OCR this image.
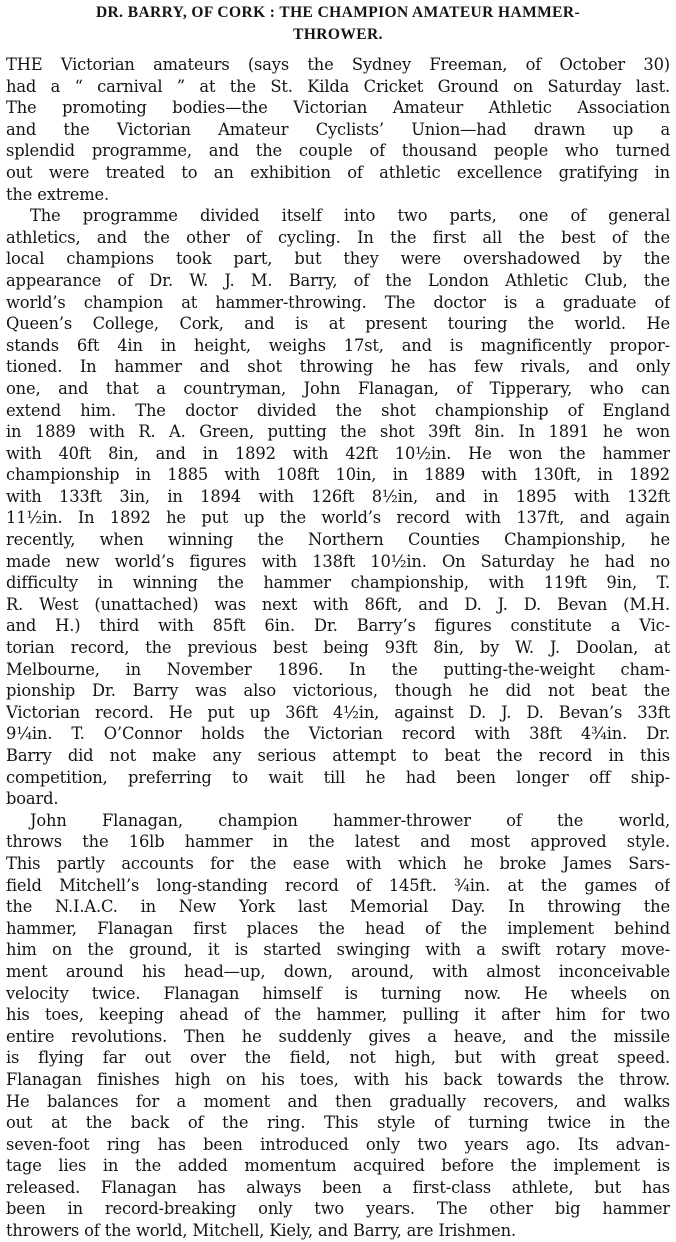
DR. BARRY, OF CORK : THE CHAMPION AMATEUR HAMMER-
THROWER.
THE Victorian amateurs (says the Sydney Freeman, of October 30)
had a “ carnival ” at the St. Kilda Cricket Ground on Saturday last.
The promoting bodies—the Victorian Amateur Athletic Association
and the Victorian Amateur Cyclists’ Union—had drawn up a
splendid programme, and the couple of thousand people who turned
out were treated to an exhibition of athletic excellence gratifying in
the extreme.
The programme divided itself into two parts, one of general
athletics, and the other of cycling. In the first all the best of the
local champions took part, but they were overshadowed by the
appearance of Dr. W. J. M. Barry, of the London Athletic Club, the
world’s champion at hammer-throwing. The doctor is a graduate of
Queen’s College, Cork, and is at present touring the world. He
stands 6ft 4in in height, weighs 17st, and is magnificently propor-
tioned. In hammer and shot throwing he has few rivals, and only
one, and that a countryman, John Flanagan, of Tipperary, who can
extend him. The doctor divided the shot championship of England
in 1889 with R. A. Green, putting the shot 39ft 8in. In 1891 he won
with 40ft 8in, and in 1892 with 42ft 10½in. He won the hammer
championship in 1885 with 108ft 10in, in 1889 with 130ft, in 1892
with 133ft 3in, in 1894 with 126ft 8½in, and in 1895 with 132ft
11½in. In 1892 he put up the world’s record with 137ft, and again
recently, when winning the Northern Counties Championship, he
made new world’s figures with 138ft 10½in. On Saturday he had no
difficulty in winning the hammer championship, with 119ft 9in, T.
R. West (unattached) was next with 86ft, and D. J. D. Bevan (M.H.
and H.) third with 85ft 6in. Dr. Barry’s figures constitute a Vic-
torian record, the previous best being 93ft 8in, by W. J. Doolan, at
Melbourne, in November 1896. In the putting-the-weight cham-
pionship Dr. Barry was also victorious, though he did not beat the
Victorian record. He put up 36ft 4½in, against D. J. D. Bevan’s 33ft
9¼in. T. O’Connor holds the Victorian record with 38ft 4¾in. Dr.
Barry did not make any serious attempt to beat the record in this
competition, preferring to wait till he had been longer off ship-
board.
John Flanagan, champion hammer-thrower of the world,
throws the 16lb hammer in the latest and most approved style.
This partly accounts for the ease with which he broke James Sars-
field Mitchell’s long-standing record of 145ft. ¾in. at the games of
the N.I.A.C. in New York last Memorial Day. In throwing the
hammer, Flanagan first places the head of the implement behind
him on the ground, it is started swinging with a swift rotary move-
ment around his head—up, down, around, with almost inconceivable
velocity twice. Flanagan himself is turning now. He wheels on
his toes, keeping ahead of the hammer, pulling it after him for two
entire revolutions. Then he suddenly gives a heave, and the missile
is flying far out over the field, not high, but with great speed.
Flanagan finishes high on his toes, with his back towards the throw.
He balances for a moment and then gradually recovers, and walks
out at the back of the ring. This style of turning twice in the
seven-foot ring has been introduced only two years ago. Its advan-
tage lies in the added momentum acquired before the implement is
released. Flanagan has always been a first-class athlete, but has
been in record-breaking only two years. The other big hammer
throwers of the world, Mitchell, Kiely, and Barry, are Irishmen.
